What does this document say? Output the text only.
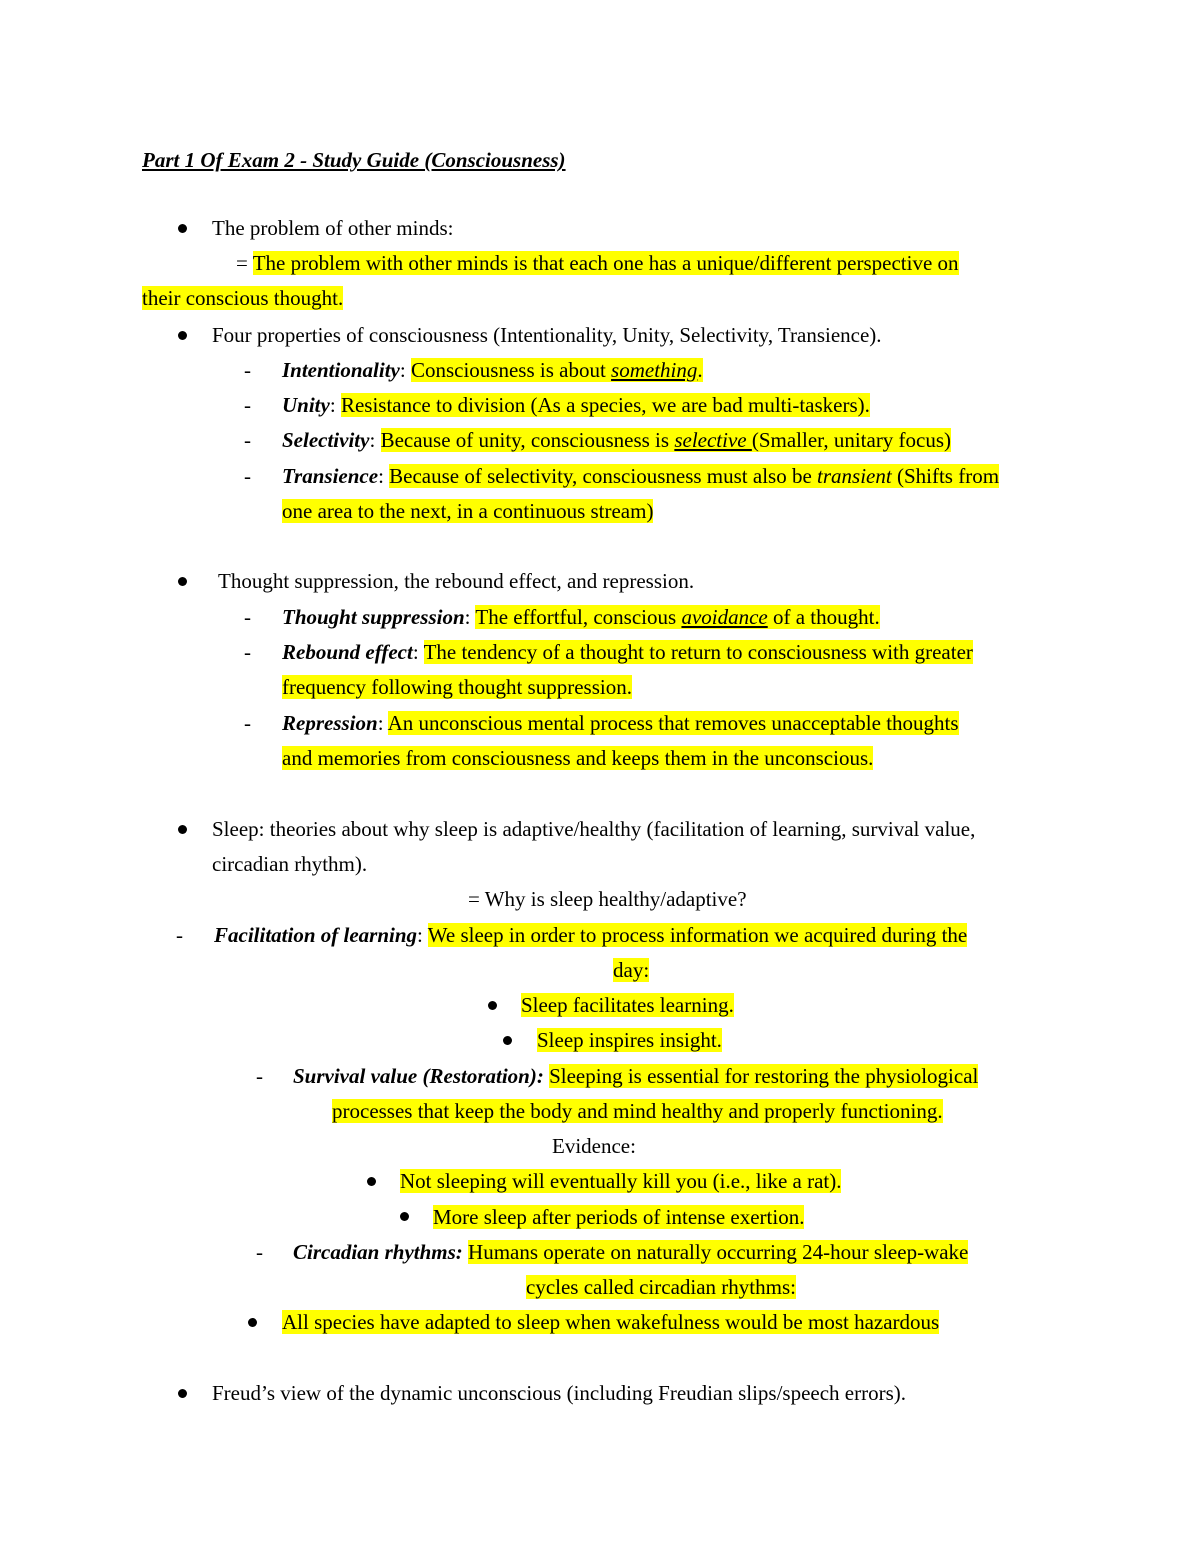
Part 1 Of Exam 2 - Study Guide (Consciousness)
The problem of other minds:
= The problem with other minds is that each one has a unique/different perspective on
their conscious thought.
Four properties of consciousness (Intentionality, Unity, Selectivity, Transience).
- Intentionality: Consciousness is about something.
- Unity: Resistance to division (As a species, we are bad multi-taskers).
- Selectivity: Because of unity, consciousness is selective (Smaller, unitary focus)
- Transience: Because of selectivity, consciousness must also be transient (Shifts from
one area to the next, in a continuous stream)
Thought suppression, the rebound effect, and repression.
- Thought suppression: The effortful, conscious avoidance of a thought.
- Rebound effect: The tendency of a thought to return to consciousness with greater
frequency following thought suppression.
- Repression: An unconscious mental process that removes unacceptable thoughts
and memories from consciousness and keeps them in the unconscious.
Sleep: theories about why sleep is adaptive/healthy (facilitation of learning, survival value,
circadian rhythm).
= Why is sleep healthy/adaptive?
- Facilitation of learning: We sleep in order to process information we acquired during the
day:
Sleep facilitates learning.
Sleep inspires insight.
- Survival value (Restoration): Sleeping is essential for restoring the physiological
processes that keep the body and mind healthy and properly functioning.
Evidence:
Not sleeping will eventually kill you (i.e., like a rat).
More sleep after periods of intense exertion.
- Circadian rhythms: Humans operate on naturally occurring 24-hour sleep-wake
cycles called circadian rhythms:
All species have adapted to sleep when wakefulness would be most hazardous
Freud’s view of the dynamic unconscious (including Freudian slips/speech errors).
